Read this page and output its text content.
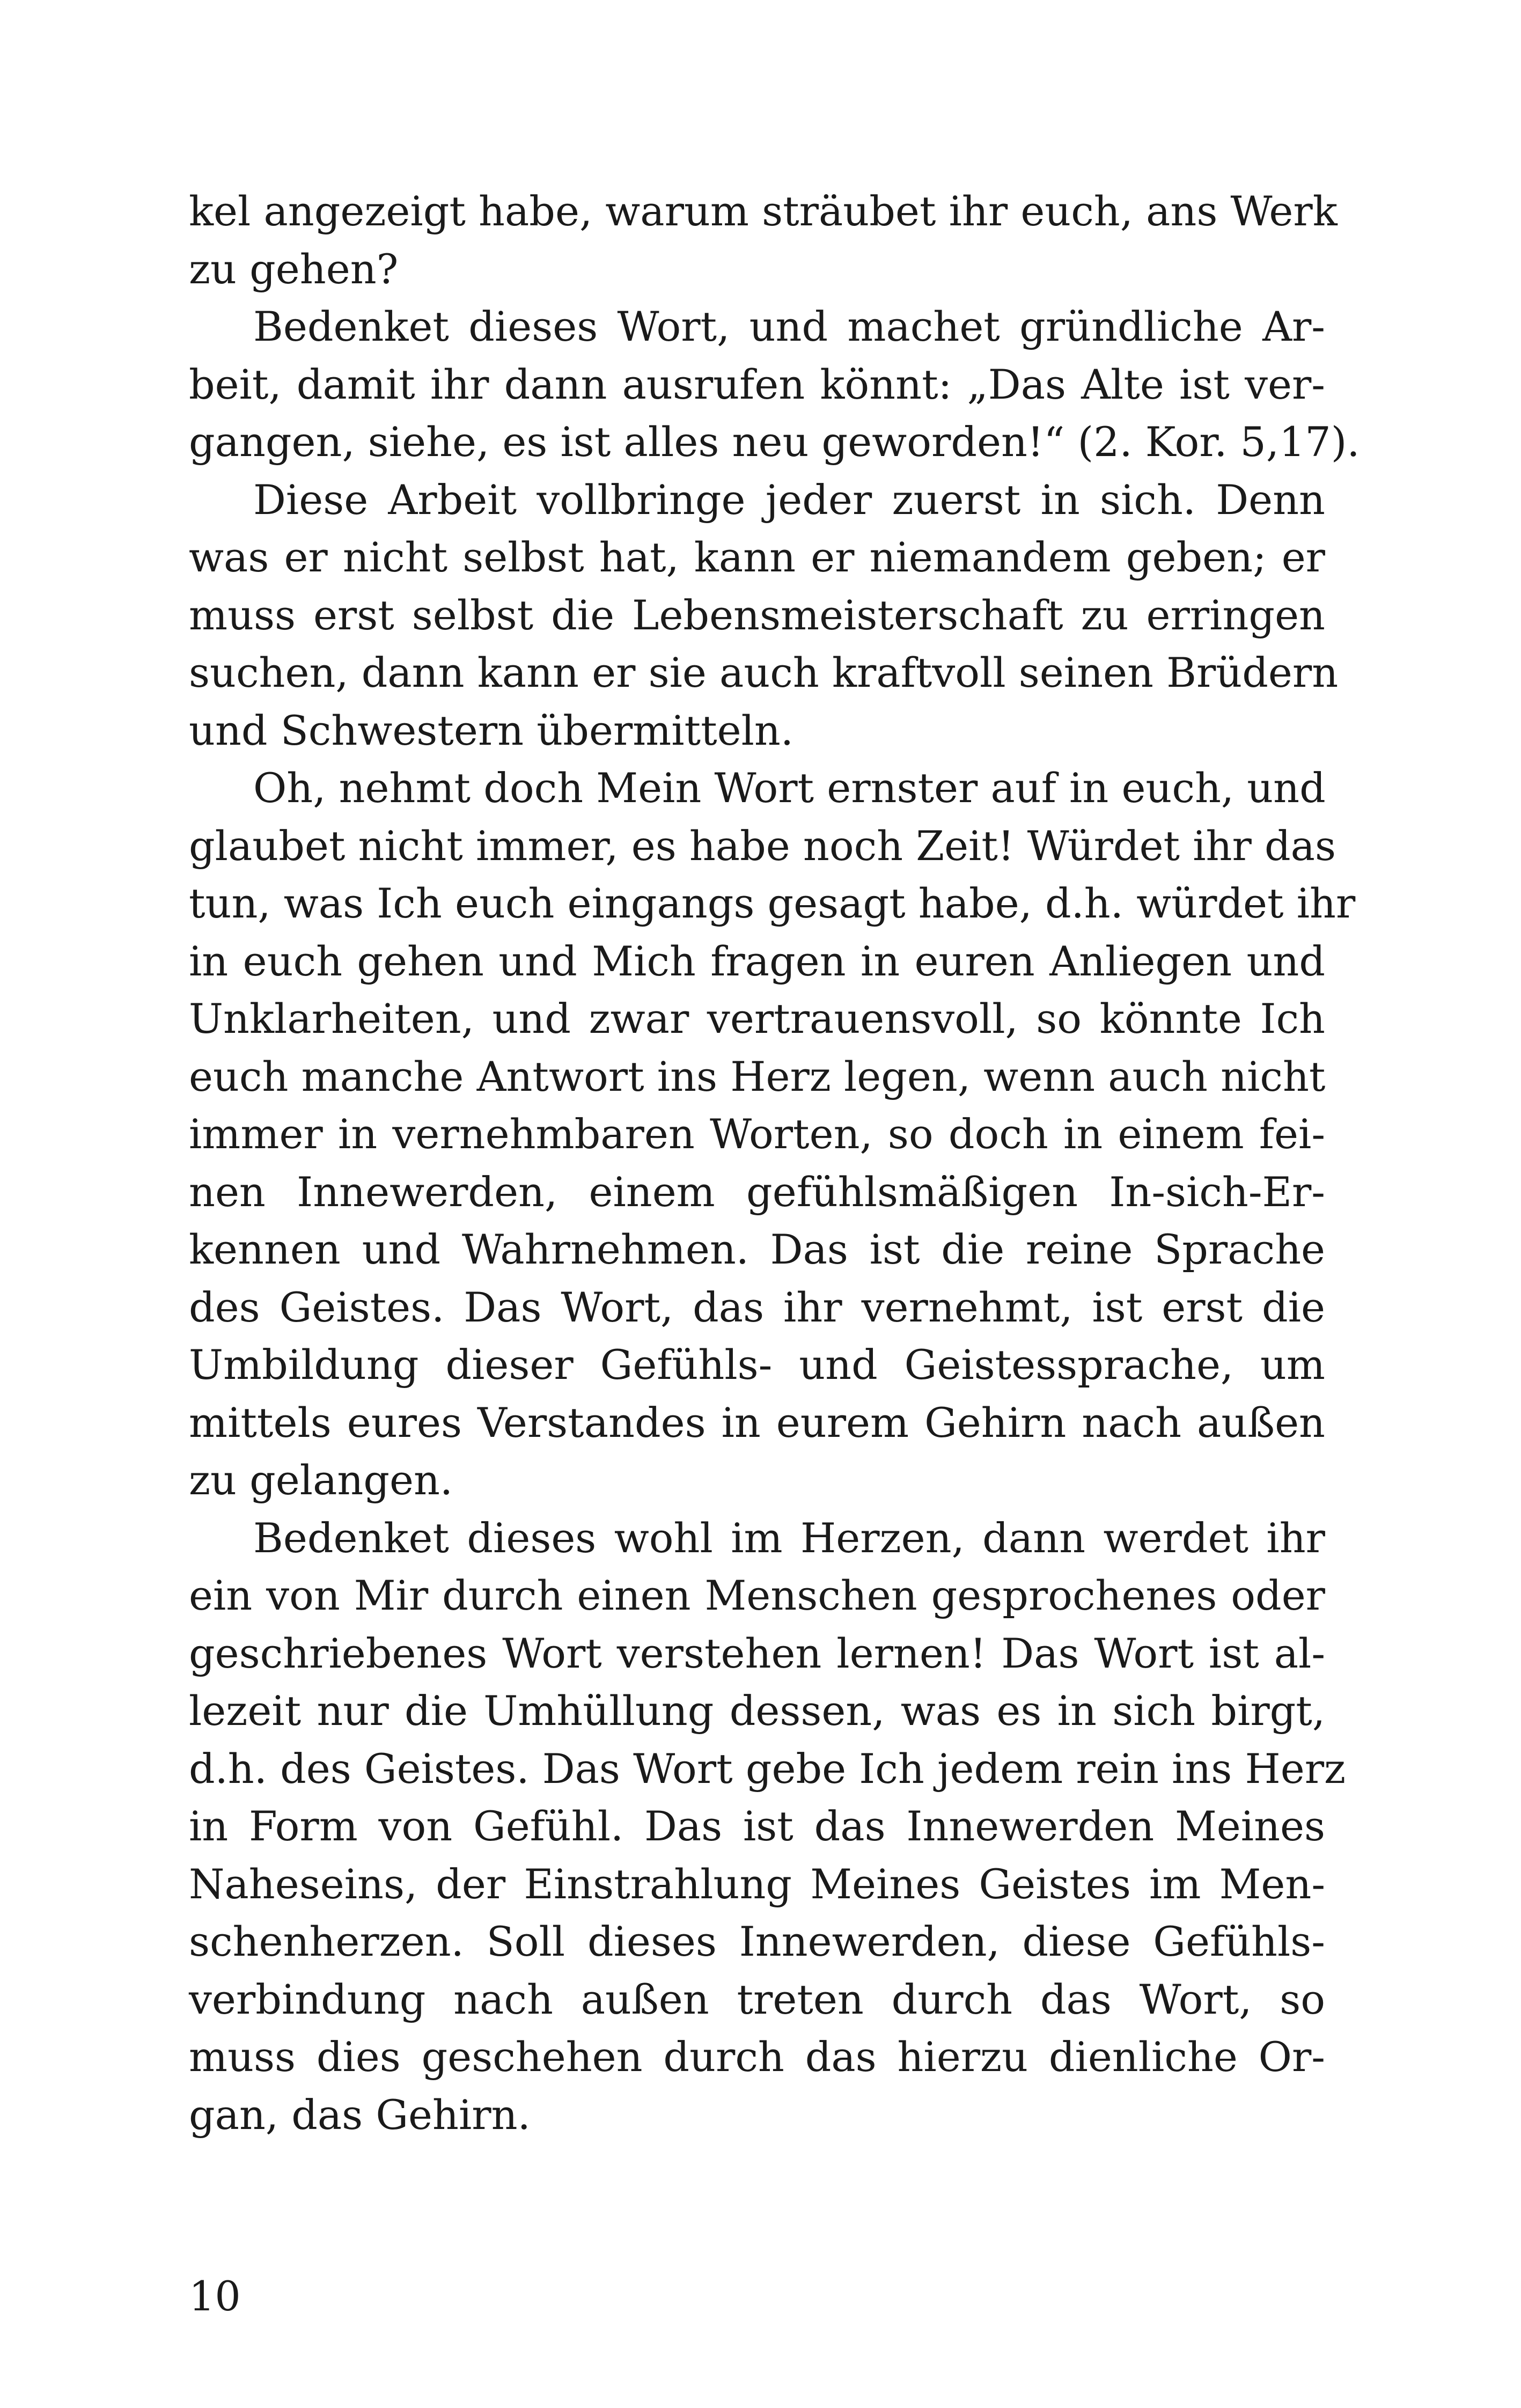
kel angezeigt habe, warum sträubet ihr euch, ans Werk
zu gehen?
Bedenket dieses Wort, und machet gründliche Ar-
beit, damit ihr dann ausrufen könnt: „Das Alte ist ver-
gangen, siehe, es ist alles neu geworden!“ (2. Kor. 5,17).
Diese Arbeit vollbringe jeder zuerst in sich. Denn
was er nicht selbst hat, kann er niemandem geben; er
muss erst selbst die Lebensmeisterschaft zu erringen
suchen, dann kann er sie auch kraftvoll seinen Brüdern
und Schwestern übermitteln.
Oh, nehmt doch Mein Wort ernster auf in euch, und
glaubet nicht immer, es habe noch Zeit! Würdet ihr das
tun, was Ich euch eingangs gesagt habe, d.h. würdet ihr
in euch gehen und Mich fragen in euren Anliegen und
Unklarheiten, und zwar vertrauensvoll, so könnte Ich
euch manche Antwort ins Herz legen, wenn auch nicht
immer in vernehmbaren Worten, so doch in einem fei-
nen Innewerden, einem gefühlsmäßigen In-sich-Er-
kennen und Wahrnehmen. Das ist die reine Sprache
des Geistes. Das Wort, das ihr vernehmt, ist erst die
Umbildung dieser Gefühls- und Geistessprache, um
mittels eures Verstandes in eurem Gehirn nach außen
zu gelangen.
Bedenket dieses wohl im Herzen, dann werdet ihr
ein von Mir durch einen Menschen gesprochenes oder
geschriebenes Wort verstehen lernen! Das Wort ist al-
lezeit nur die Umhüllung dessen, was es in sich birgt,
d.h. des Geistes. Das Wort gebe Ich jedem rein ins Herz
in Form von Gefühl. Das ist das Innewerden Meines
Naheseins, der Einstrahlung Meines Geistes im Men-
schenherzen. Soll dieses Innewerden, diese Gefühls-
verbindung nach außen treten durch das Wort, so
muss dies geschehen durch das hierzu dienliche Or-
gan, das Gehirn.
10
